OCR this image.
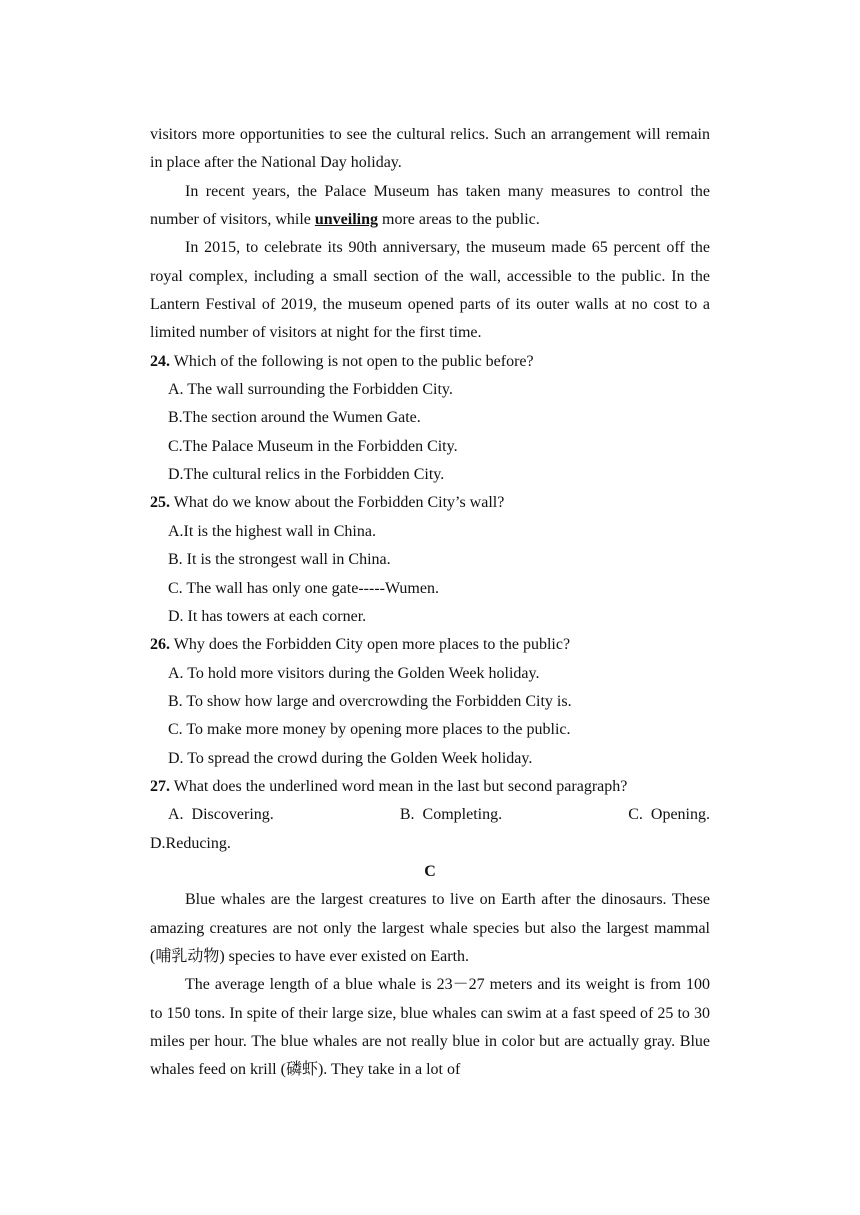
visitors more opportunities to see the cultural relics. Such an arrangement will remain in place after the National Day holiday.

In recent years, the Palace Museum has taken many measures to control the number of visitors, while unveiling more areas to the public.

In 2015, to celebrate its 90th anniversary, the museum made 65 percent off the royal complex, including a small section of the wall, accessible to the public. In the Lantern Festival of 2019, the museum opened parts of its outer walls at no cost to a limited number of visitors at night for the first time.

24. Which of the following is not open to the public before?

A. The wall surrounding the Forbidden City.

B.The section around the Wumen Gate.

C.The Palace Museum in the Forbidden City.

D.The cultural relics in the Forbidden City.

25. What do we know about the Forbidden City’s wall?

A.It is the highest wall in China.

B. It is the strongest wall in China.

C. The wall has only one gate-----Wumen.

D. It has towers at each corner.

26. Why does the Forbidden City open more places to the public?

A. To hold more visitors during the Golden Week holiday.

B. To show how large and overcrowding the Forbidden City is.

C. To make more money by opening more places to the public.

D. To spread the crowd during the Golden Week holiday.

27. What does the underlined word mean in the last but second paragraph?

A.  Discovering.	B.  Completing.	C.  Opening.

D.Reducing.

C

Blue whales are the largest creatures to live on Earth after the dinosaurs. These amazing creatures are not only the largest whale species but also the largest mammal (哺乳动物) species to have ever existed on Earth.

The average length of a blue whale is 23－27 meters and its weight is from 100 to 150 tons. In spite of their large size, blue whales can swim at a fast speed of 25 to 30 miles per hour. The blue whales are not really blue in color but are actually gray. Blue whales feed on krill (磷虾). They take in a lot of
